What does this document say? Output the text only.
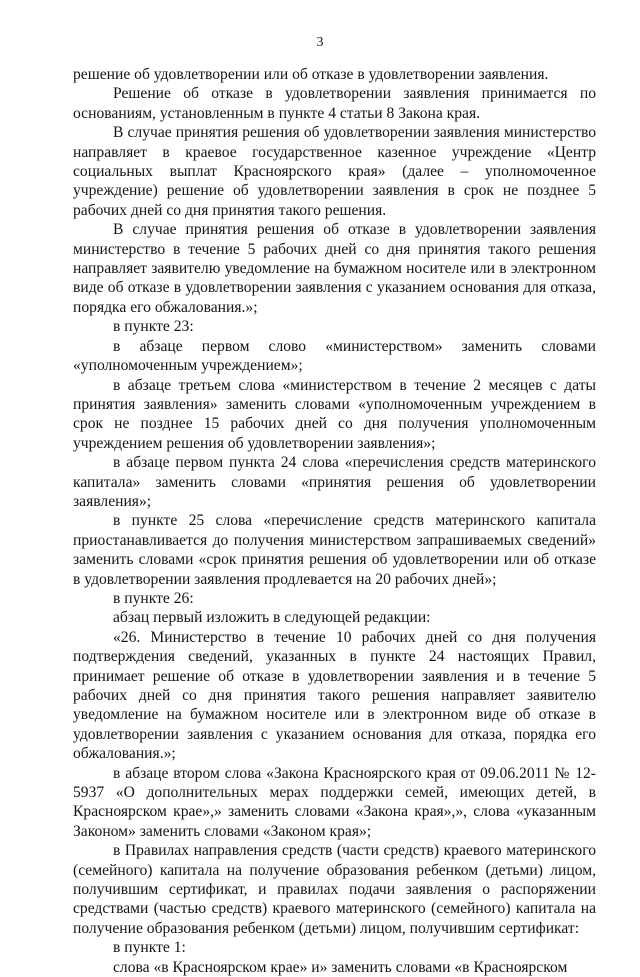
3

решение об удовлетворении или об отказе в удовлетворении заявления.

Решение об отказе в удовлетворении заявления принимается по основаниям, установленным в пункте 4 статьи 8 Закона края.

В случае принятия решения об удовлетворении заявления министерство направляет в краевое государственное казенное учреждение «Центр социальных выплат Красноярского края» (далее – уполномоченное учреждение) решение об удовлетворении заявления в срок не позднее 5 рабочих дней со дня принятия такого решения.

В случае принятия решения об отказе в удовлетворении заявления министерство в течение 5 рабочих дней со дня принятия такого решения направляет заявителю уведомление на бумажном носителе или в электронном виде об отказе в удовлетворении заявления с указанием основания для отказа, порядка его обжалования.»;

в пункте 23:

в абзаце первом слово «министерством» заменить словами «уполномоченным учреждением»;

в абзаце третьем слова «министерством в течение 2 месяцев с даты принятия заявления» заменить словами «уполномоченным учреждением в срок не позднее 15 рабочих дней со дня получения уполномоченным учреждением решения об удовлетворении заявления»;

в абзаце первом пункта 24 слова «перечисления средств материнского капитала» заменить словами «принятия решения об удовлетворении заявления»;

в пункте 25 слова «перечисление средств материнского капитала приостанавливается до получения министерством запрашиваемых сведений» заменить словами «срок принятия решения об удовлетворении или об отказе в удовлетворении заявления продлевается на 20 рабочих дней»;

в пункте 26:

абзац первый изложить в следующей редакции:

«26. Министерство в течение 10 рабочих дней со дня получения подтверждения сведений, указанных в пункте 24 настоящих Правил, принимает решение об отказе в удовлетворении заявления и в течение 5 рабочих дней со дня принятия такого решения направляет заявителю уведомление на бумажном носителе или в электронном виде об отказе в удовлетворении заявления с указанием основания для отказа, порядка его обжалования.»;

в абзаце втором слова «Закона Красноярского края от 09.06.2011 № 12-5937 «О дополнительных мерах поддержки семей, имеющих детей, в Красноярском крае»,» заменить словами «Закона края»,», слова «указанным Законом» заменить словами «Законом края»;

в Правилах направления средств (части средств) краевого материнского (семейного) капитала на получение образования ребенком (детьми) лицом, получившим сертификат, и правилах подачи заявления о распоряжении средствами (частью средств) краевого материнского (семейного) капитала на получение образования ребенком (детьми) лицом, получившим сертификат:

в пункте 1:

слова «в Красноярском крае» и» заменить словами «в Красноярском
